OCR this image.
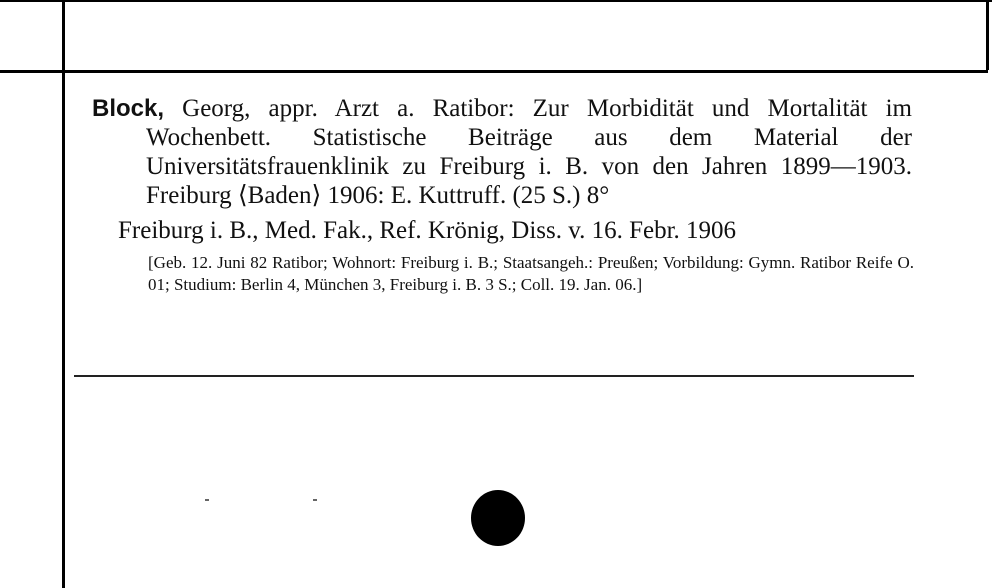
Block, Georg, appr. Arzt a. Ratibor: Zur Morbidität und Mortalität im Wochenbett. Statistische Beiträge aus dem Material der Universitätsfrauenklinik zu Freiburg i. B. von den Jahren 1899—1903. Freiburg ⟨Baden⟩ 1906: E. Kuttruff. (25 S.) 8°

Freiburg i. B., Med. Fak., Ref. Krönig, Diss. v. 16. Febr. 1906

[Geb. 12. Juni 82 Ratibor; Wohnort: Freiburg i. B.; Staatsangeh.: Preußen; Vorbildung: Gymn. Ratibor Reife O. 01; Studium: Berlin 4, München 3, Freiburg i. B. 3 S.; Coll. 19. Jan. 06.]
